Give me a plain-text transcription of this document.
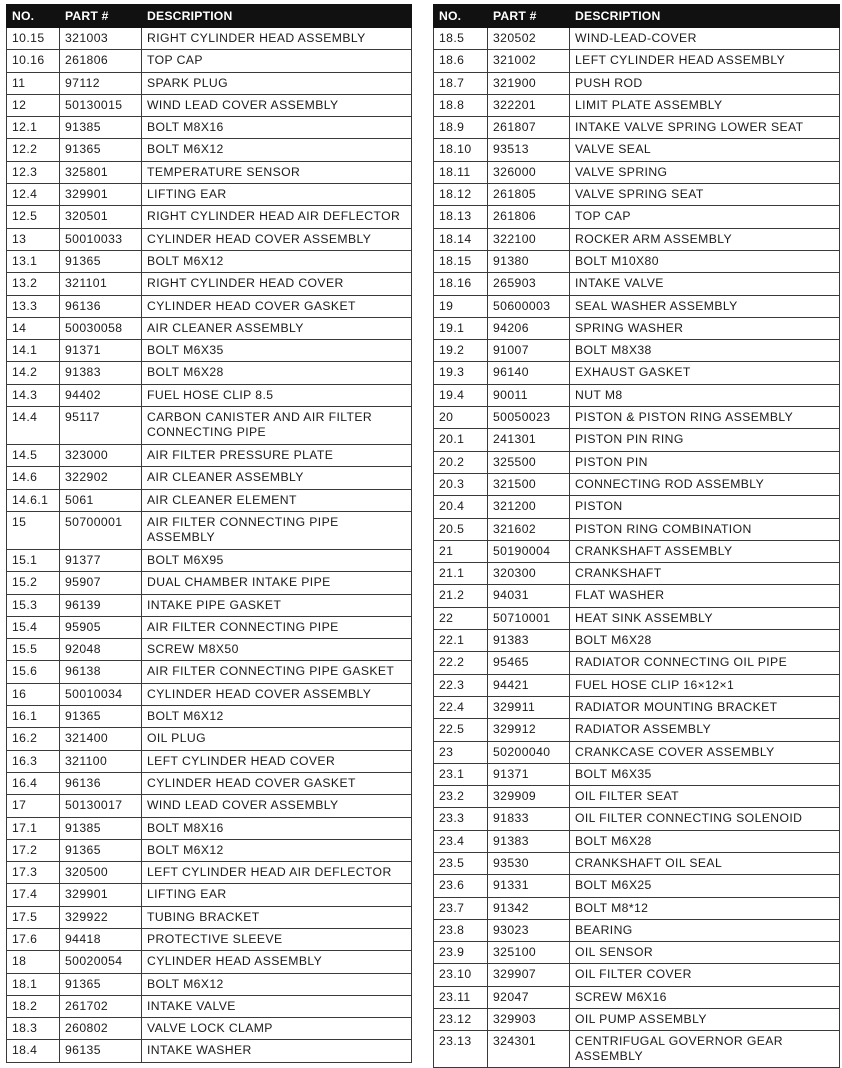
NO.	PART #	DESCRIPTION
10.15	321003	RIGHT CYLINDER HEAD ASSEMBLY
10.16	261806	TOP CAP
11	97112	SPARK PLUG
12	50130015	WIND LEAD COVER ASSEMBLY
12.1	91385	BOLT M8X16
12.2	91365	BOLT M6X12
12.3	325801	TEMPERATURE SENSOR
12.4	329901	LIFTING EAR
12.5	320501	RIGHT CYLINDER HEAD AIR DEFLECTOR
13	50010033	CYLINDER HEAD COVER ASSEMBLY
13.1	91365	BOLT M6X12
13.2	321101	RIGHT CYLINDER HEAD COVER
13.3	96136	CYLINDER HEAD COVER GASKET
14	50030058	AIR CLEANER ASSEMBLY
14.1	91371	BOLT M6X35
14.2	91383	BOLT M6X28
14.3	94402	FUEL HOSE CLIP 8.5
14.4	95117	CARBON CANISTER AND AIR FILTER CONNECTING PIPE
14.5	323000	AIR FILTER PRESSURE PLATE
14.6	322902	AIR CLEANER ASSEMBLY
14.6.1	5061	AIR CLEANER ELEMENT
15	50700001	AIR FILTER CONNECTING PIPE ASSEMBLY
15.1	91377	BOLT M6X95
15.2	95907	DUAL CHAMBER INTAKE PIPE
15.3	96139	INTAKE PIPE GASKET
15.4	95905	AIR FILTER CONNECTING PIPE
15.5	92048	SCREW M8X50
15.6	96138	AIR FILTER CONNECTING PIPE GASKET
16	50010034	CYLINDER HEAD COVER ASSEMBLY
16.1	91365	BOLT M6X12
16.2	321400	OIL PLUG
16.3	321100	LEFT CYLINDER HEAD COVER
16.4	96136	CYLINDER HEAD COVER GASKET
17	50130017	WIND LEAD COVER ASSEMBLY
17.1	91385	BOLT M8X16
17.2	91365	BOLT M6X12
17.3	320500	LEFT CYLINDER HEAD AIR DEFLECTOR
17.4	329901	LIFTING EAR
17.5	329922	TUBING BRACKET
17.6	94418	PROTECTIVE SLEEVE
18	50020054	CYLINDER HEAD ASSEMBLY
18.1	91365	BOLT M6X12
18.2	261702	INTAKE VALVE
18.3	260802	VALVE LOCK CLAMP
18.4	96135	INTAKE WASHER
NO.	PART #	DESCRIPTION
18.5	320502	WIND-LEAD-COVER
18.6	321002	LEFT CYLINDER HEAD ASSEMBLY
18.7	321900	PUSH ROD
18.8	322201	LIMIT PLATE ASSEMBLY
18.9	261807	INTAKE VALVE SPRING LOWER SEAT
18.10	93513	VALVE SEAL
18.11	326000	VALVE SPRING
18.12	261805	VALVE SPRING SEAT
18.13	261806	TOP CAP
18.14	322100	ROCKER ARM ASSEMBLY
18.15	91380	BOLT M10X80
18.16	265903	INTAKE VALVE
19	50600003	SEAL WASHER ASSEMBLY
19.1	94206	SPRING WASHER
19.2	91007	BOLT M8X38
19.3	96140	EXHAUST GASKET
19.4	90011	NUT M8
20	50050023	PISTON & PISTON RING ASSEMBLY
20.1	241301	PISTON PIN RING
20.2	325500	PISTON PIN
20.3	321500	CONNECTING ROD ASSEMBLY
20.4	321200	PISTON
20.5	321602	PISTON RING COMBINATION
21	50190004	CRANKSHAFT ASSEMBLY
21.1	320300	CRANKSHAFT
21.2	94031	FLAT WASHER
22	50710001	HEAT SINK ASSEMBLY
22.1	91383	BOLT M6X28
22.2	95465	RADIATOR CONNECTING OIL PIPE
22.3	94421	FUEL HOSE CLIP 16×12×1
22.4	329911	RADIATOR MOUNTING BRACKET
22.5	329912	RADIATOR ASSEMBLY
23	50200040	CRANKCASE COVER ASSEMBLY
23.1	91371	BOLT M6X35
23.2	329909	OIL FILTER SEAT
23.3	91833	OIL FILTER CONNECTING SOLENOID
23.4	91383	BOLT M6X28
23.5	93530	CRANKSHAFT OIL SEAL
23.6	91331	BOLT M6X25
23.7	91342	BOLT M8*12
23.8	93023	BEARING
23.9	325100	OIL SENSOR
23.10	329907	OIL FILTER COVER
23.11	92047	SCREW M6X16
23.12	329903	OIL PUMP ASSEMBLY
23.13	324301	CENTRIFUGAL GOVERNOR GEAR ASSEMBLY
